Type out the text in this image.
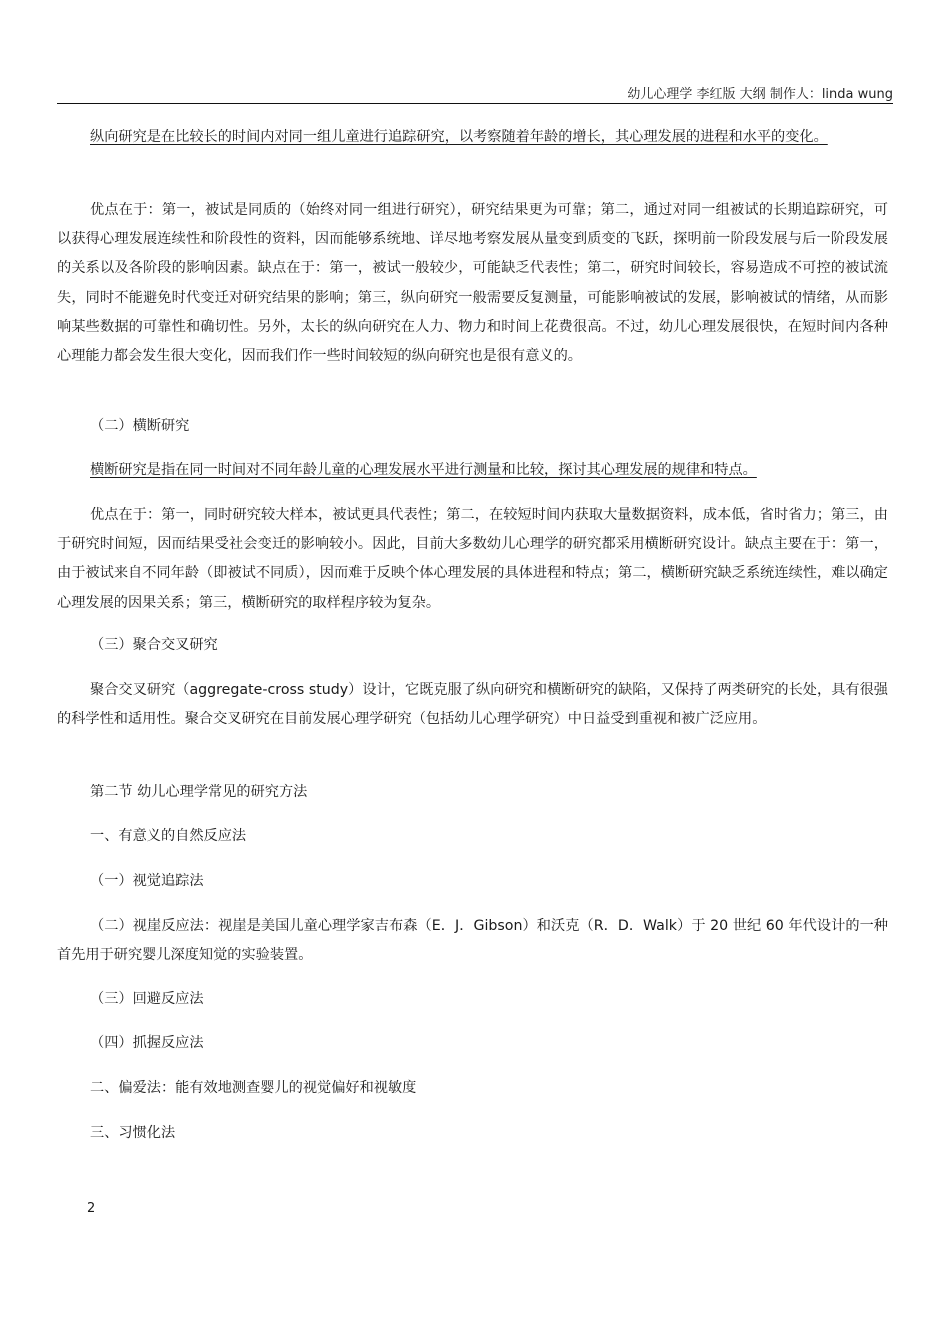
幼儿心理学 李红版 大纲 制作人：linda wung

纵向研究是在比较长的时间内对同一组儿童进行追踪研究，以考察随着年龄的增长，其心理发展的进程和水平的变化。

优点在于：第一，被试是同质的（始终对同一组进行研究），研究结果更为可靠；第二，通过对同一组被试的长期追踪研究，可以获得心理发展连续性和阶段性的资料，因而能够系统地、详尽地考察发展从量变到质变的飞跃，探明前一阶段发展与后一阶段发展的关系以及各阶段的影响因素。缺点在于：第一，被试一般较少，可能缺乏代表性；第二，研究时间较长，容易造成不可控的被试流失，同时不能避免时代变迁对研究结果的影响；第三，纵向研究一般需要反复测量，可能影响被试的发展，影响被试的情绪，从而影响某些数据的可靠性和确切性。另外，太长的纵向研究在人力、物力和时间上花费很高。不过，幼儿心理发展很快，在短时间内各种心理能力都会发生很大变化，因而我们作一些时间较短的纵向研究也是很有意义的。

（二）横断研究

横断研究是指在同一时间对不同年龄儿童的心理发展水平进行测量和比较，探讨其心理发展的规律和特点。

优点在于：第一，同时研究较大样本，被试更具代表性；第二，在较短时间内获取大量数据资料，成本低，省时省力；第三，由于研究时间短，因而结果受社会变迁的影响较小。因此，目前大多数幼儿心理学的研究都采用横断研究设计。缺点主要在于：第一，由于被试来自不同年龄（即被试不同质），因而难于反映个体心理发展的具体进程和特点；第二，横断研究缺乏系统连续性，难以确定心理发展的因果关系；第三，横断研究的取样程序较为复杂。

（三）聚合交叉研究

聚合交叉研究（aggregate-cross study）设计，它既克服了纵向研究和横断研究的缺陷，又保持了两类研究的长处，具有很强的科学性和适用性。聚合交叉研究在目前发展心理学研究（包括幼儿心理学研究）中日益受到重视和被广泛应用。

第二节 幼儿心理学常见的研究方法

一、有意义的自然反应法

（一）视觉追踪法

（二）视崖反应法：视崖是美国儿童心理学家吉布森（E．J．Gibson）和沃克（R．D．Walk）于 20 世纪 60 年代设计的一种首先用于研究婴儿深度知觉的实验装置。

（三）回避反应法

（四）抓握反应法

二、偏爱法：能有效地测查婴儿的视觉偏好和视敏度

三、习惯化法

2
